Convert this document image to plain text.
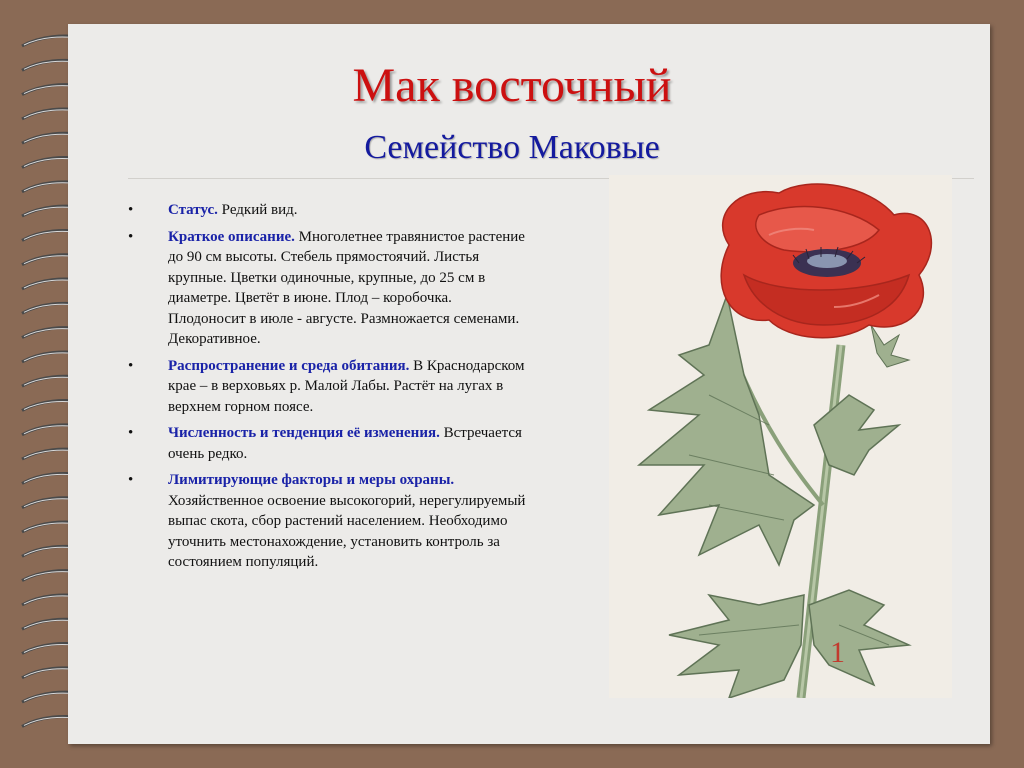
Мак восточный
Семейство Маковые
• Статус. Редкий вид.
• Краткое описание. Многолетнее травянистое растение до 90 см высоты. Стебель прямостоячий. Листья крупные. Цветки одиночные, крупные, до 25 см в диаметре. Цветёт в июне. Плод – коробочка. Плодоносит в июле - августе. Размножается семенами. Декоративное.
• Распространение и среда обитания. В Краснодарском крае – в верховьях р. Малой Лабы. Растёт на лугах в верхнем горном поясе.
• Численность и тенденция её изменения. Встречается очень редко.
• Лимитирующие факторы и меры охраны. Хозяйственное освоение высокогорий, нерегулируемый выпас скота, сбор растений населением. Необходимо уточнить местонахождение, установить контроль за состоянием популяций.
1
